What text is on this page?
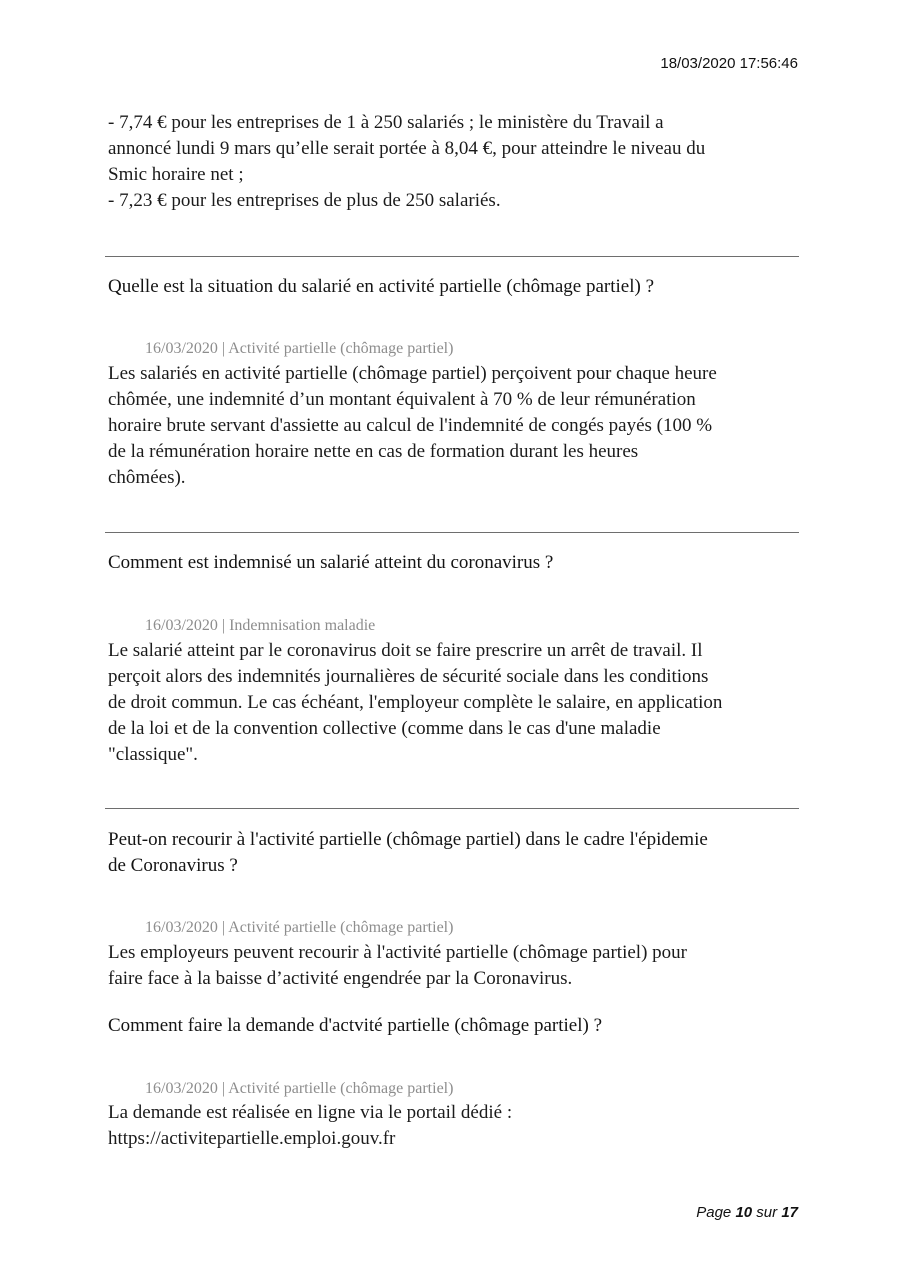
18/03/2020 17:56:46
- 7,74 € pour les entreprises de 1 à 250 salariés ; le ministère du Travail a
annoncé lundi 9 mars qu’elle serait portée à 8,04 €, pour atteindre le niveau du
Smic horaire net ;
- 7,23 € pour les entreprises de plus de 250 salariés.
Quelle est la situation du salarié en activité partielle (chômage partiel) ?
16/03/2020 | Activité partielle (chômage partiel)
Les salariés en activité partielle (chômage partiel) perçoivent pour chaque heure
chômée, une indemnité d’un montant équivalent à 70 % de leur rémunération
horaire brute servant d'assiette au calcul de l'indemnité de congés payés (100 %
de la rémunération horaire nette en cas de formation durant les heures
chômées).
Comment est indemnisé un salarié atteint du coronavirus ?
16/03/2020 | Indemnisation maladie
Le salarié atteint par le coronavirus doit se faire prescrire un arrêt de travail. Il
perçoit alors des indemnités journalières de sécurité sociale dans les conditions
de droit commun. Le cas échéant, l'employeur complète le salaire, en application
de la loi et de la convention collective (comme dans le cas d'une maladie
"classique".
Peut-on recourir à l'activité partielle (chômage partiel) dans le cadre l'épidemie
de Coronavirus ?
16/03/2020 | Activité partielle (chômage partiel)
Les employeurs peuvent recourir à l'activité partielle (chômage partiel) pour
faire face à la baisse d’activité engendrée par la Coronavirus.
Comment faire la demande d'actvité partielle (chômage partiel) ?
16/03/2020 | Activité partielle (chômage partiel)
La demande est réalisée en ligne via le portail dédié :
https://activitepartielle.emploi.gouv.fr
Page 10 sur 17
